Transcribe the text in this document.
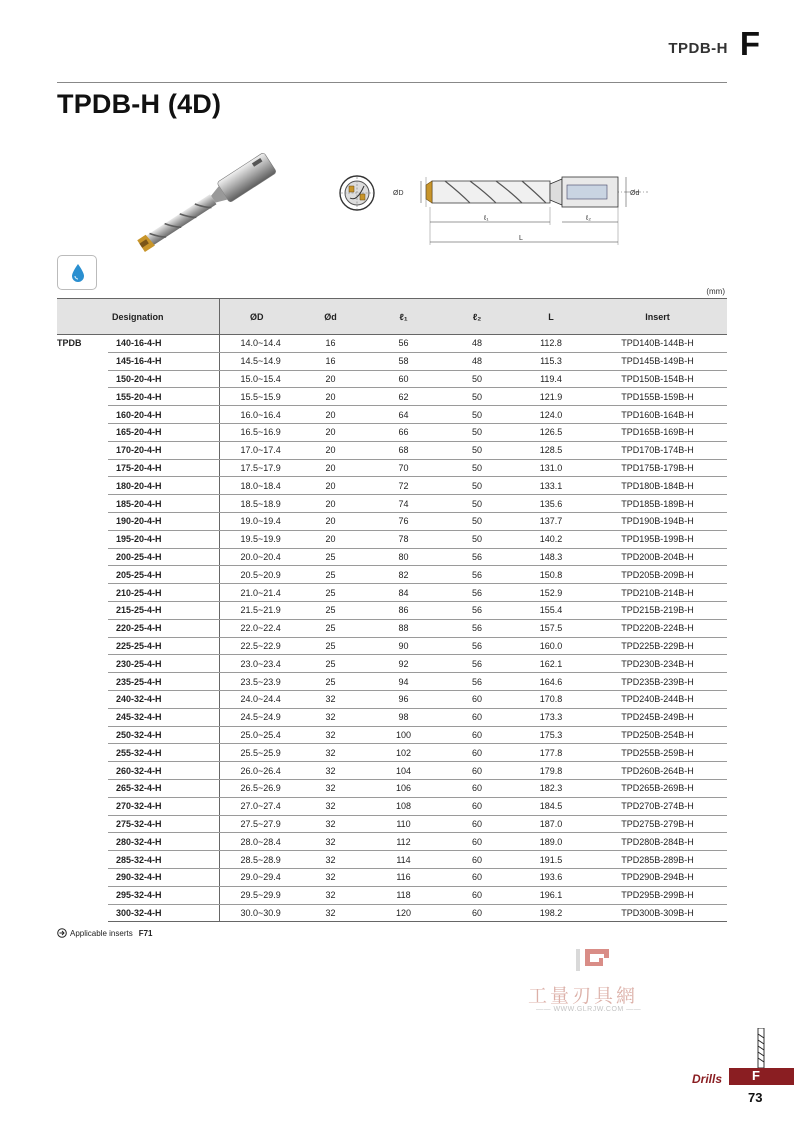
TPDB-H F
TPDB-H (4D)
ØD	Ød
ℓ₁	ℓ₂
L
(mm)
Designation		ØD	Ød	ℓ₁	ℓ₂	L	Insert
TPDB	140-16-4-H	14.0~14.4	16	56	48	112.8	TPD140B-144B-H
	145-16-4-H	14.5~14.9	16	58	48	115.3	TPD145B-149B-H
	150-20-4-H	15.0~15.4	20	60	50	119.4	TPD150B-154B-H
	155-20-4-H	15.5~15.9	20	62	50	121.9	TPD155B-159B-H
	160-20-4-H	16.0~16.4	20	64	50	124.0	TPD160B-164B-H
	165-20-4-H	16.5~16.9	20	66	50	126.5	TPD165B-169B-H
	170-20-4-H	17.0~17.4	20	68	50	128.5	TPD170B-174B-H
	175-20-4-H	17.5~17.9	20	70	50	131.0	TPD175B-179B-H
	180-20-4-H	18.0~18.4	20	72	50	133.1	TPD180B-184B-H
	185-20-4-H	18.5~18.9	20	74	50	135.6	TPD185B-189B-H
	190-20-4-H	19.0~19.4	20	76	50	137.7	TPD190B-194B-H
	195-20-4-H	19.5~19.9	20	78	50	140.2	TPD195B-199B-H
	200-25-4-H	20.0~20.4	25	80	56	148.3	TPD200B-204B-H
	205-25-4-H	20.5~20.9	25	82	56	150.8	TPD205B-209B-H
	210-25-4-H	21.0~21.4	25	84	56	152.9	TPD210B-214B-H
	215-25-4-H	21.5~21.9	25	86	56	155.4	TPD215B-219B-H
	220-25-4-H	22.0~22.4	25	88	56	157.5	TPD220B-224B-H
	225-25-4-H	22.5~22.9	25	90	56	160.0	TPD225B-229B-H
	230-25-4-H	23.0~23.4	25	92	56	162.1	TPD230B-234B-H
	235-25-4-H	23.5~23.9	25	94	56	164.6	TPD235B-239B-H
	240-32-4-H	24.0~24.4	32	96	60	170.8	TPD240B-244B-H
	245-32-4-H	24.5~24.9	32	98	60	173.3	TPD245B-249B-H
	250-32-4-H	25.0~25.4	32	100	60	175.3	TPD250B-254B-H
	255-32-4-H	25.5~25.9	32	102	60	177.8	TPD255B-259B-H
	260-32-4-H	26.0~26.4	32	104	60	179.8	TPD260B-264B-H
	265-32-4-H	26.5~26.9	32	106	60	182.3	TPD265B-269B-H
	270-32-4-H	27.0~27.4	32	108	60	184.5	TPD270B-274B-H
	275-32-4-H	27.5~27.9	32	110	60	187.0	TPD275B-279B-H
	280-32-4-H	28.0~28.4	32	112	60	189.0	TPD280B-284B-H
	285-32-4-H	28.5~28.9	32	114	60	191.5	TPD285B-289B-H
	290-32-4-H	29.0~29.4	32	116	60	193.6	TPD290B-294B-H
	295-32-4-H	29.5~29.9	32	118	60	196.1	TPD295B-299B-H
	300-32-4-H	30.0~30.9	32	120	60	198.2	TPD300B-309B-H
Applicable inserts F71
工量刃具網
—— WWW.GLRJW.COM ——
Drills F
73
